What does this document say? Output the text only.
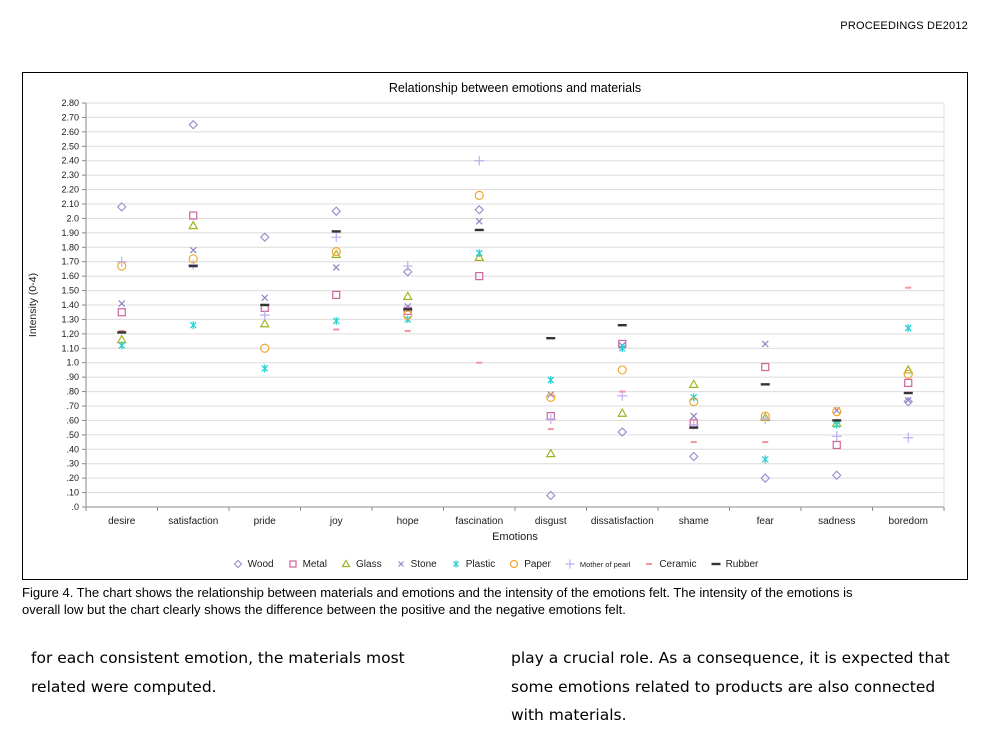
PROCEEDINGS DE2012
2.80
2.70
2.60
2.50
2.40
2.30
2.20
2.10
2.0
1.90
1.80
1.70
1.60
1.50
1.40
1.30
1.20
1.10
1.0
.90
.80
.70
.60
.50
.40
.30
.20
.10
.0
desire	satisfaction	pride	joy	hope	fascination	disgust dissatisfaction	shame	fear	sadness	boredom
Relationship between emotions and materials
Emotions
Intensity (0-4)
Wood	Metal	Glass	Stone	Plastic	Paper	Mother of pearl	Ceramic	Rubber

Figure 4. The chart shows the relationship between materials and emotions and the intensity of the emotions felt. The intensity of the emotions is overall low but the chart clearly shows the difference between the positive and the negative emotions felt.

for each consistent emotion, the materials most related were computed.

play a crucial role. As a consequence, it is expected that some emotions related to products are also connected with materials.
